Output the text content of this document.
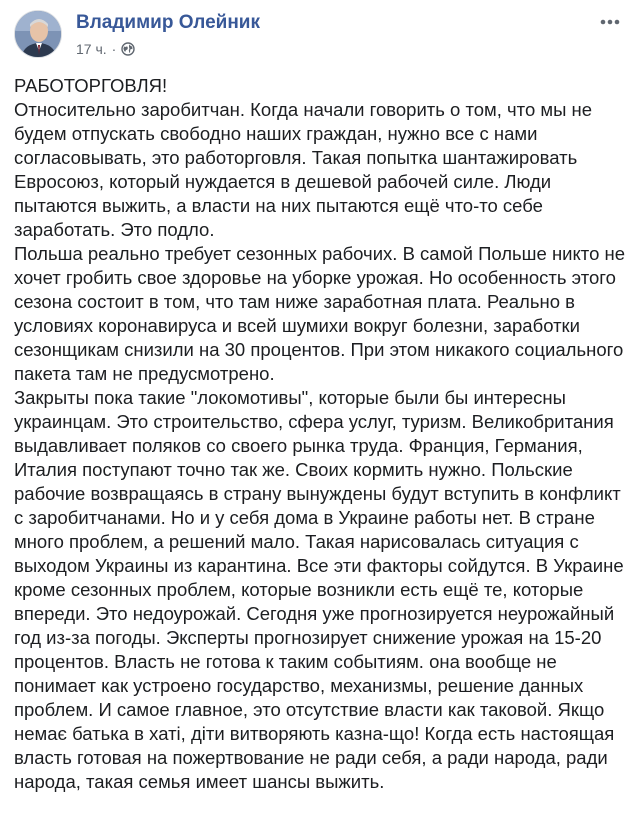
Владимир Олейник
17 ч. ·

РАБОТОРГОВЛЯ!

Относительно заробитчан. Когда начали говорить о том, что мы не будем отпускать свободно наших граждан, нужно все с нами согласовывать, это работорговля. Такая попытка шантажировать Евросоюз, который нуждается в дешевой рабочей силе. Люди пытаются выжить, а власти на них пытаются ещё что-то себе заработать. Это подло.

Польша реально требует сезонных рабочих. В самой Польше никто не хочет гробить свое здоровье на уборке урожая. Но особенность этого сезона состоит в том, что там ниже заработная плата. Реально в условиях коронавируса и всей шумихи вокруг болезни, заработки сезонщикам снизили на 30 процентов. При этом никакого социального пакета там не предусмотрено.

Закрыты пока такие "локомотивы", которые были бы интересны украинцам. Это строительство, сфера услуг, туризм. Великобритания выдавливает поляков со своего рынка труда. Франция, Германия, Италия поступают точно так же. Своих кормить нужно. Польские рабочие возвращаясь в страну вынуждены будут вступить в конфликт с заробитчанами. Но и у себя дома в Украине работы нет. В стране много проблем, а решений мало. Такая нарисовалась ситуация с выходом Украины из карантина. Все эти факторы сойдутся. В Украине кроме сезонных проблем, которые возникли есть ещё те, которые впереди. Это недоурожай. Сегодня уже прогнозируется неурожайный год из-за погоды. Эксперты прогнозирует снижение урожая на 15-20 процентов. Власть не готова к таким событиям. она вообще не понимает как устроено государство, механизмы, решение данных проблем. И самое главное, это отсутствие власти как таковой. Якщо немає батька в хаті, діти витворяють казна-що! Когда есть настоящая власть готовая на пожертвование не ради себя, а ради народа, ради народа, такая семья имеет шансы выжить.
